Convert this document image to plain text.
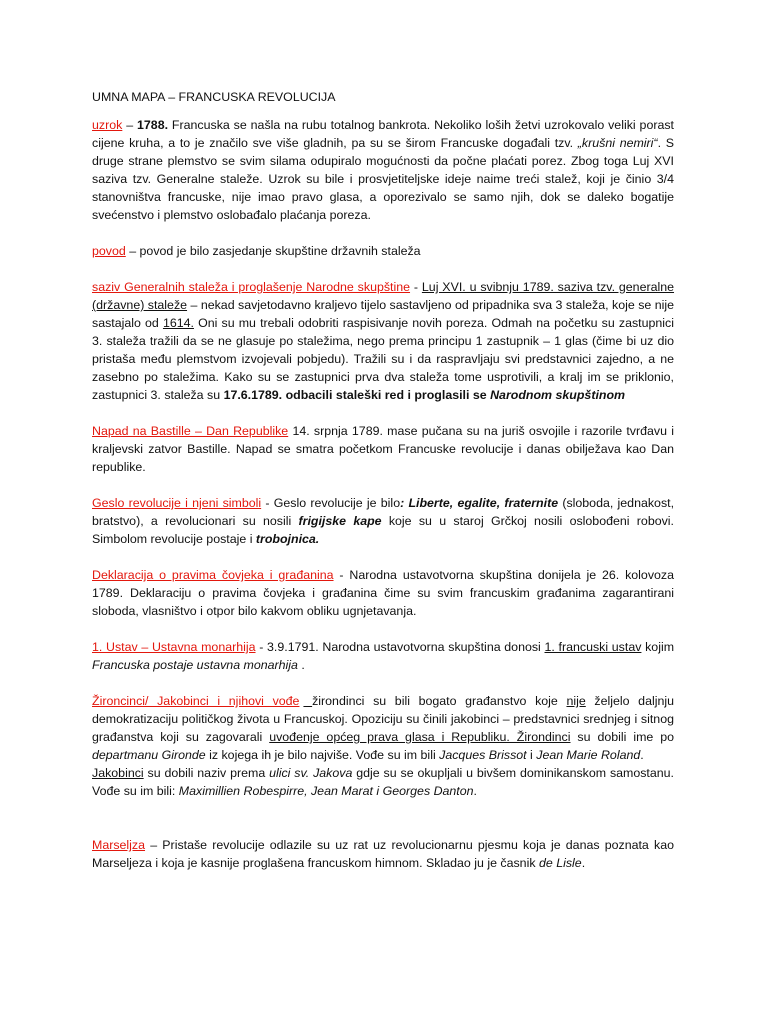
UMNA MAPA – FRANCUSKA REVOLUCIJA

uzrok – 1788. Francuska se našla na rubu totalnog bankrota. Nekoliko loših žetvi uzrokovalo veliki porast cijene kruha, a to je značilo sve više gladnih, pa su se širom Francuske događali tzv. „krušni nemiri“. S druge strane plemstvo se svim silama odupiralo mogućnosti da počne plaćati porez. Zbog toga Luj XVI saziva tzv. Generalne staleže. Uzrok su bile i prosvjetiteljske ideje naime treći stalež, koji je činio 3/4 stanovništva francuske, nije imao pravo glasa, a oporezivalo se samo njih, dok se daleko bogatije svećenstvo i plemstvo oslobađalo plaćanja poreza.

povod – povod je bilo zasjedanje skupštine državnih staleža

saziv Generalnih staleža i proglašenje Narodne skupštine - Luj XVI. u svibnju 1789. saziva tzv. generalne (državne) staleže – nekad savjetodavno kraljevo tijelo sastavljeno od pripadnika sva 3 staleža, koje se nije sastajalo od 1614. Oni su mu trebali odobriti raspisivanje novih poreza. Odmah na početku su zastupnici 3. staleža tražili da se ne glasuje po staležima, nego prema principu 1 zastupnik – 1 glas (čime bi uz dio pristaša među plemstvom izvojevali pobjedu). Tražili su i da raspravljaju svi predstavnici zajedno, a ne zasebno po staležima. Kako su se zastupnici prva dva staleža tome usprotivili, a kralj im se priklonio, zastupnici 3. staleža su 17.6.1789. odbacili staleški red i proglasili se Narodnom skupštinom

Napad na Bastille – Dan Republike 14. srpnja 1789. mase pučana su na juriš osvojile i razorile tvrđavu i kraljevski zatvor Bastille. Napad se smatra početkom Francuske revolucije i danas obilježava kao Dan republike.

Geslo revolucije i njeni simboli - Geslo revolucije je bilo: Liberte, egalite, fraternite (sloboda, jednakost, bratstvo), a revolucionari su nosili frigijske kape koje su u staroj Grčkoj nosili oslobođeni robovi. Simbolom revolucije postaje i trobojnica.

Deklaracija o pravima čovjeka i građanina - Narodna ustavotvorna skupština donijela je 26. kolovoza 1789. Deklaraciju o pravima čovjeka i građanina čime su svim francuskim građanima zagarantirani sloboda, vlasništvo i otpor bilo kakvom obliku ugnjetavanja.

1. Ustav – Ustavna monarhija - 3.9.1791. Narodna ustavotvorna skupština donosi 1. francuski ustav kojim Francuska postaje ustavna monarhija .

Žironcinci/ Jakobinci i njihovi vođe žirondinci su bili bogato građanstvo koje nije željelo daljnju demokratizaciju političkog života u Francuskoj. Opoziciju su činili jakobinci – predstavnici srednjeg i sitnog građanstva koji su zagovarali uvođenje općeg prava glasa i Republiku. Žirondinci su dobili ime po departmanu Gironde iz kojega ih je bilo najviše. Vođe su im bili Jacques Brissot i Jean Marie Roland.

Jakobinci su dobili naziv prema ulici sv. Jakova gdje su se okupljali u bivšem dominikanskom samostanu. Vođe su im bili: Maximillien Robespirre, Jean Marat i Georges Danton.

Marseljza – Pristaše revolucije odlazile su uz rat uz revolucionarnu pjesmu koja je danas poznata kao Marseljeza i koja je kasnije proglašena francuskom himnom. Skladao ju je časnik de Lisle.
